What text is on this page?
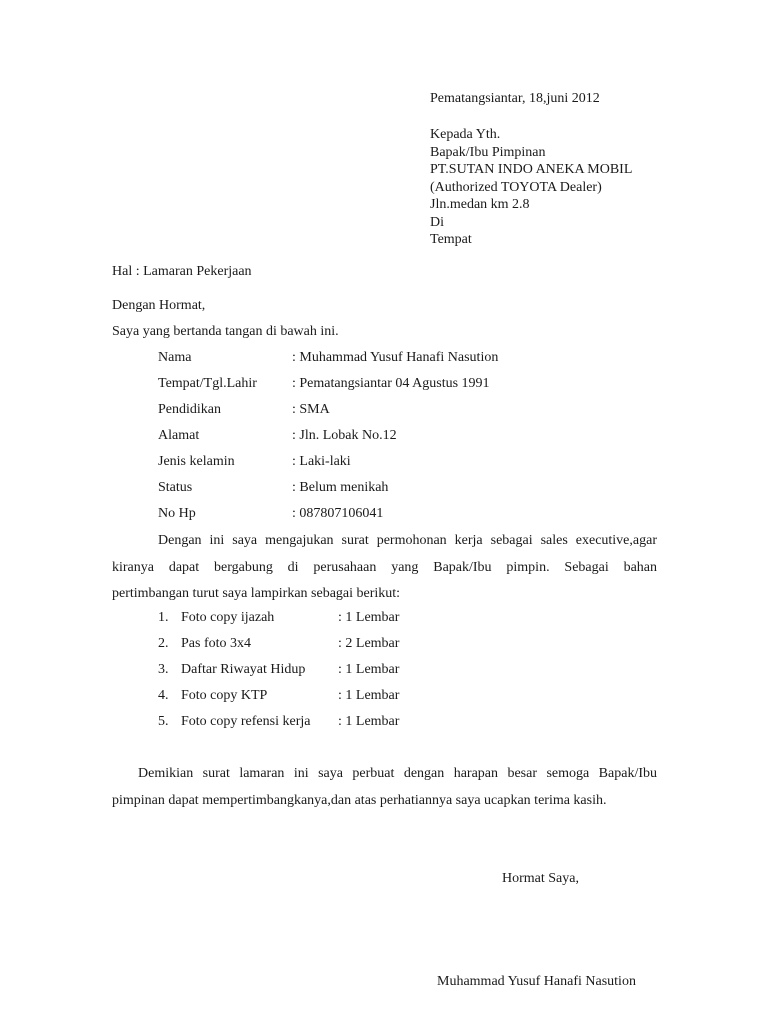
Pematangsiantar, 18,juni 2012
Kepada Yth.
Bapak/Ibu Pimpinan
PT.SUTAN INDO ANEKA MOBIL
(Authorized TOYOTA Dealer)
Jln.medan km 2.8
Di
Tempat
Hal : Lamaran Pekerjaan
Dengan Hormat,
Saya yang bertanda tangan di bawah ini.
Nama	: Muhammad Yusuf Hanafi Nasution
Tempat/Tgl.Lahir	: Pematangsiantar 04 Agustus 1991
Pendidikan	: SMA
Alamat	: Jln. Lobak No.12
Jenis kelamin	: Laki-laki
Status	: Belum menikah
No Hp	: 087807106041
Dengan ini saya mengajukan surat permohonan kerja sebagai sales executive,agar
kiranya dapat bergabung di perusahaan yang Bapak/Ibu pimpin. Sebagai bahan
pertimbangan turut saya lampirkan sebagai berikut:
1. Foto copy ijazah	: 1 Lembar
2. Pas foto 3x4	: 2 Lembar
3. Daftar Riwayat Hidup : 1 Lembar
4. Foto copy KTP	: 1 Lembar
5. Foto copy refensi kerja : 1 Lembar
Demikian surat lamaran ini saya perbuat dengan harapan besar semoga Bapak/Ibu
pimpinan dapat mempertimbangkanya,dan atas perhatiannya saya ucapkan terima kasih.
Hormat Saya,
Muhammad Yusuf Hanafi Nasution
